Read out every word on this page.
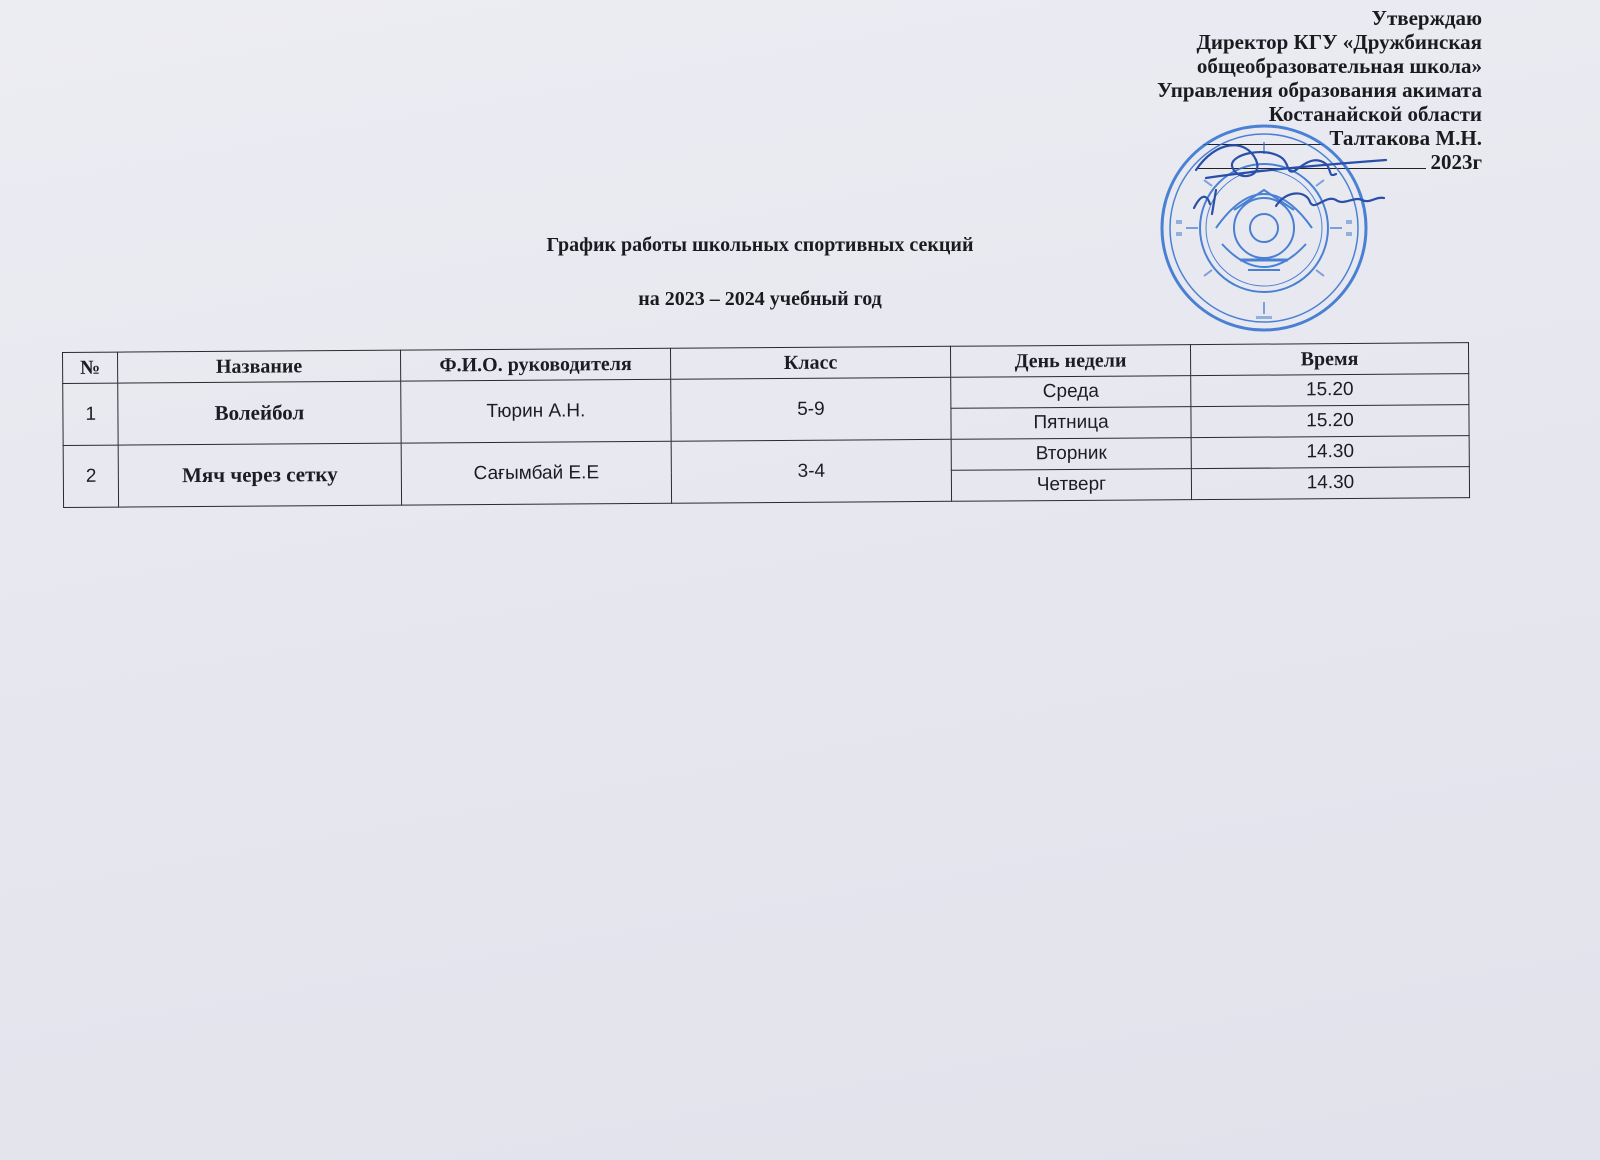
Утверждаю
Директор КГУ «Дружбинская
общеобразовательная школа»
Управления образования акимата
Костанайской области
Талтакова М.Н.
2023г
График работы школьных спортивных секций
на 2023 – 2024 учебный год
№	Название	Ф.И.О. руководителя	Класс	День недели	Время
1	Волейбол	Тюрин А.Н.	5-9	Среда	15.20
				Пятница	15.20
2	Мяч через сетку	Сағымбай Е.Е	3-4	Вторник	14.30
				Четверг	14.30
